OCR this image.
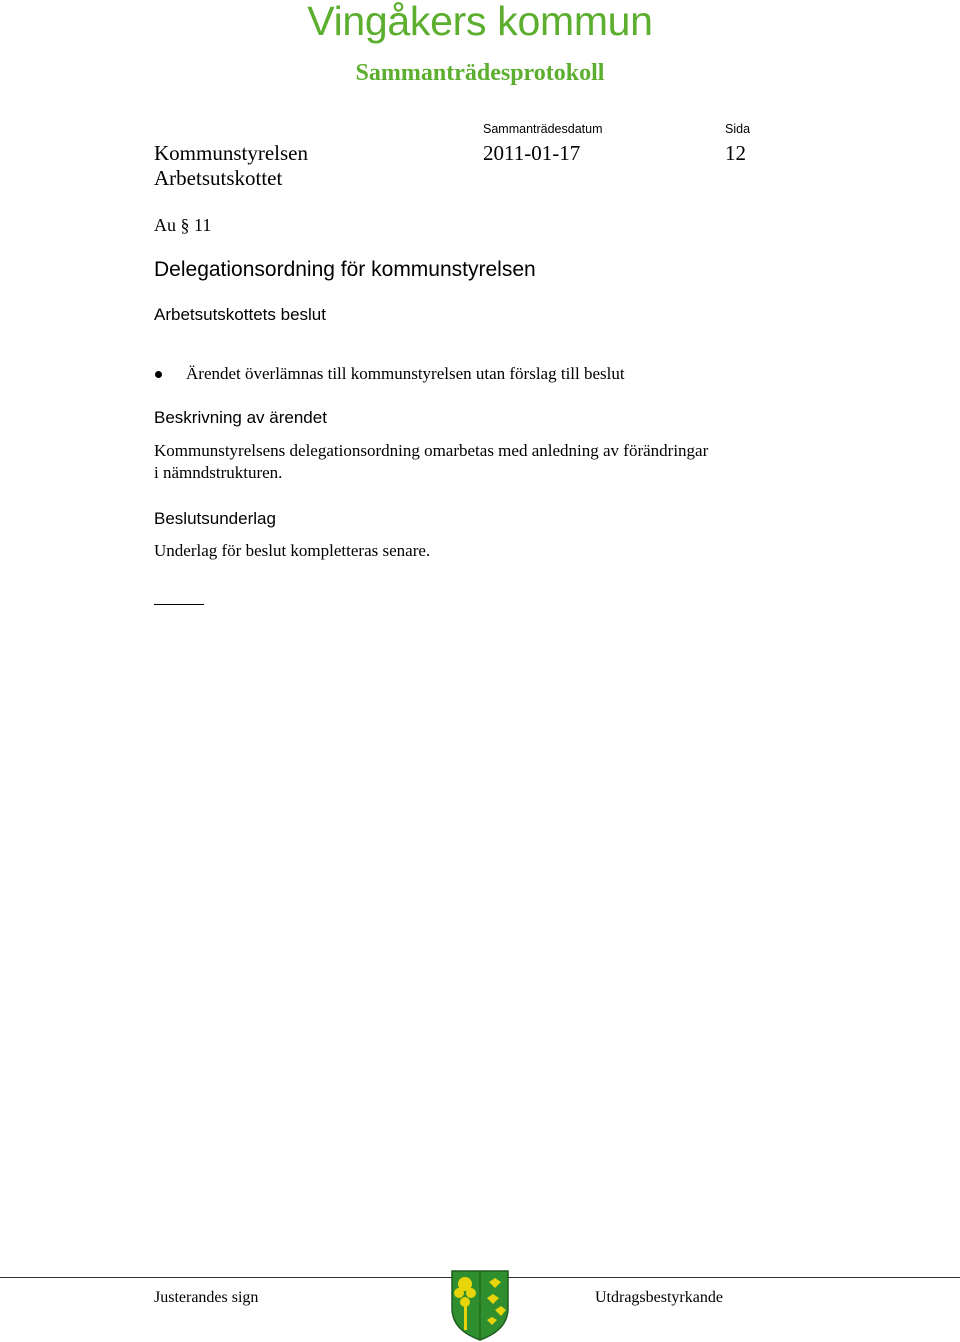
Vingåkers kommun
Sammanträdesprotokoll
Sammanträdesdatum	Sida
Kommunstyrelsen	2011-01-17	12
Arbetsutskottet
Au § 11
Delegationsordning för kommunstyrelsen
Arbetsutskottets beslut
Ärendet överlämnas till kommunstyrelsen utan förslag till beslut
Beskrivning av ärendet
Kommunstyrelsens delegationsordning omarbetas med anledning av förändringar
i nämndstrukturen.
Beslutsunderlag
Underlag för beslut kompletteras senare.
Justerandes sign	Utdragsbestyrkande
